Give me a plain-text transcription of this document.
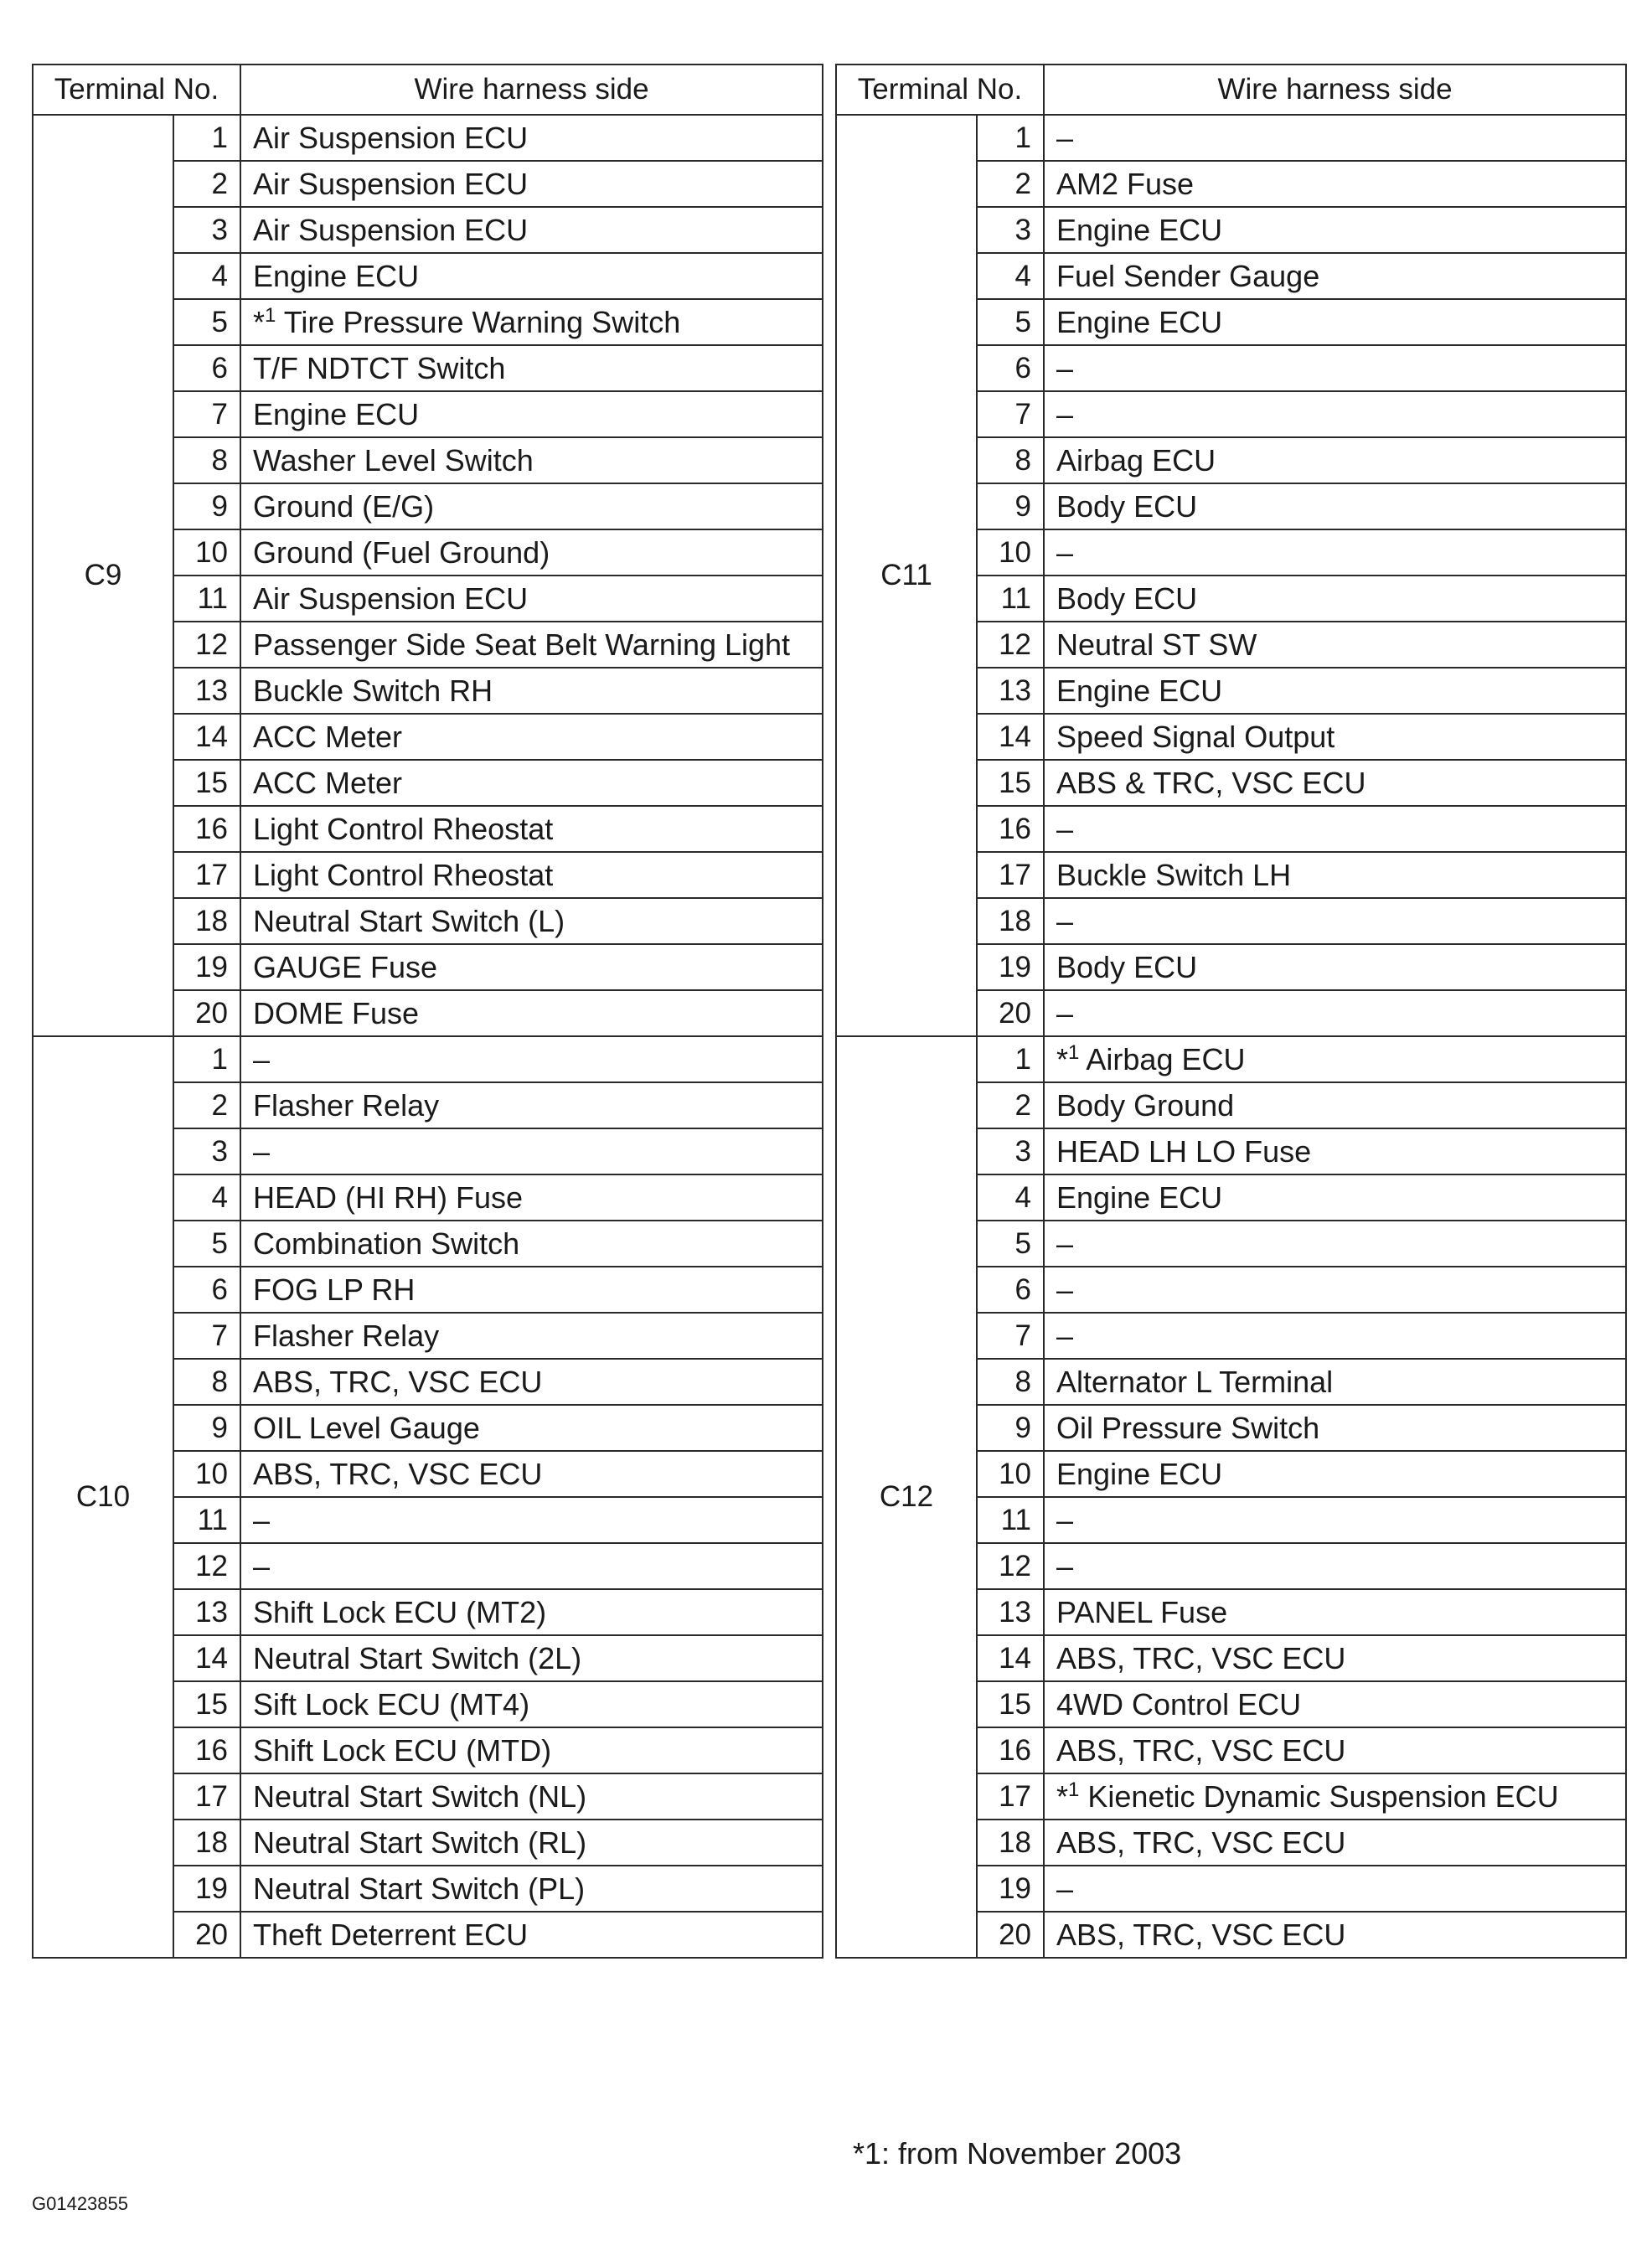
Terminal No.		Wire harness side
C9	1	Air Suspension ECU
	2	Air Suspension ECU
	3	Air Suspension ECU
	4	Engine ECU
	5	*$^1$ Tire Pressure Warning Switch
	6	T/F NDTCT Switch
	7	Engine ECU
	8	Washer Level Switch
	9	Ground (E/G)
	10	Ground (Fuel Ground)
	11	Air Suspension ECU
	12	Passenger Side Seat Belt Warning Light
	13	Buckle Switch RH
	14	ACC Meter
	15	ACC Meter
	16	Light Control Rheostat
	17	Light Control Rheostat
	18	Neutral Start Switch (L)
	19	GAUGE Fuse
	20	DOME Fuse
C10	1	–
	2	Flasher Relay
	3	–
	4	HEAD (HI RH) Fuse
	5	Combination Switch
	6	FOG LP RH
	7	Flasher Relay
	8	ABS, TRC, VSC ECU
	9	OIL Level Gauge
	10	ABS, TRC, VSC ECU
	11	–
	12	–
	13	Shift Lock ECU (MT2)
	14	Neutral Start Switch (2L)
	15	Sift Lock ECU (MT4)
	16	Shift Lock ECU (MTD)
	17	Neutral Start Switch (NL)
	18	Neutral Start Switch (RL)
	19	Neutral Start Switch (PL)
	20	Theft Deterrent ECU
Terminal No.		Wire harness side
C11	1	–
	2	AM2 Fuse
	3	Engine ECU
	4	Fuel Sender Gauge
	5	Engine ECU
	6	–
	7	–
	8	Airbag ECU
	9	Body ECU
	10	–
	11	Body ECU
	12	Neutral ST SW
	13	Engine ECU
	14	Speed Signal Output
	15	ABS & TRC, VSC ECU
	16	–
	17	Buckle Switch LH
	18	–
	19	Body ECU
	20	–
C12	1	*$^1$ Airbag ECU
	2	Body Ground
	3	HEAD LH LO Fuse
	4	Engine ECU
	5	–
	6	–
	7	–
	8	Alternator L Terminal
	9	Oil Pressure Switch
	10	Engine ECU
	11	–
	12	–
	13	PANEL Fuse
	14	ABS, TRC, VSC ECU
	15	4WD Control ECU
	16	ABS, TRC, VSC ECU
	17	*$^1$ Kienetic Dynamic Suspension ECU
	18	ABS, TRC, VSC ECU
	19	–
	20	ABS, TRC, VSC ECU
*1: from November 2003
G01423855
